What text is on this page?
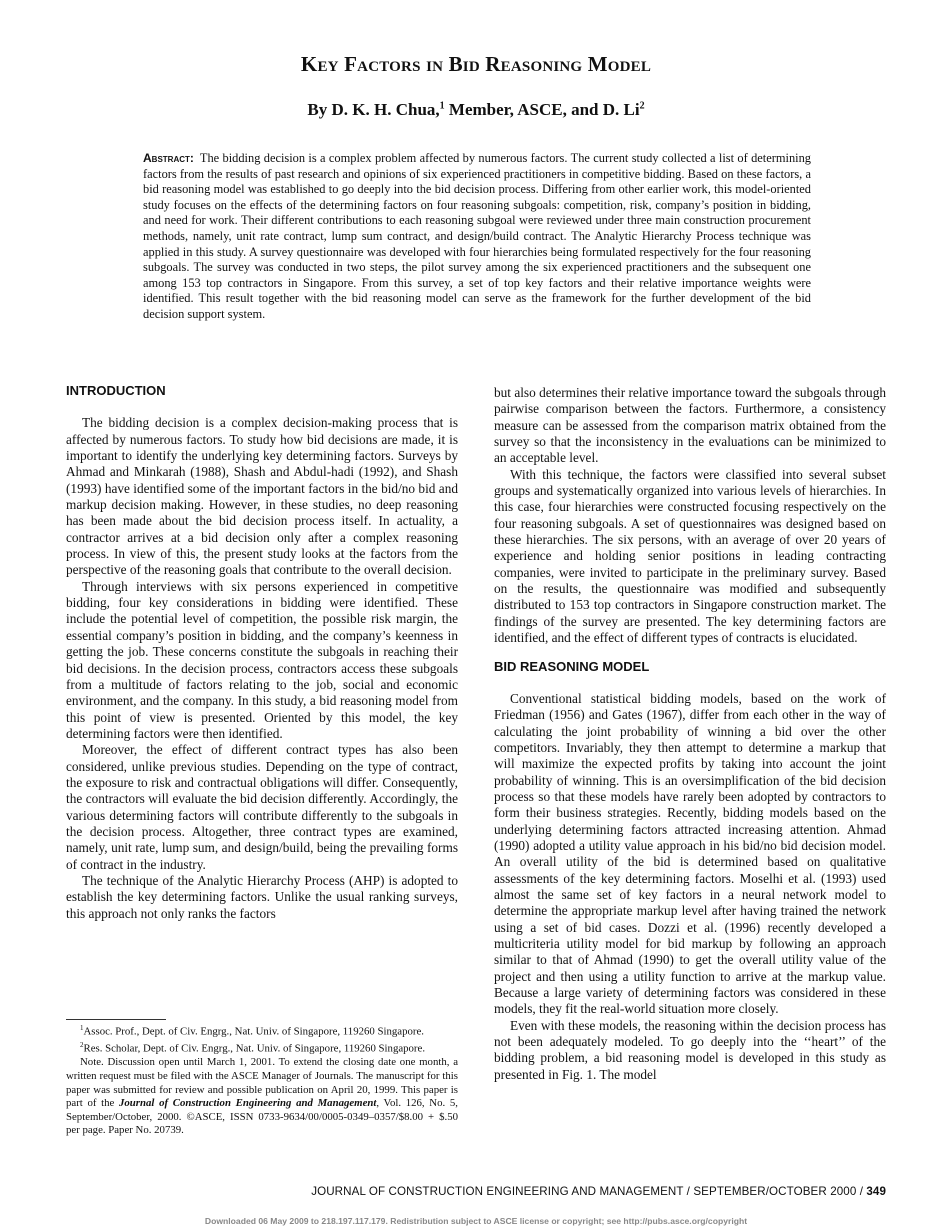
Key Factors in Bid Reasoning Model
By D. K. H. Chua,$^1$ Member, ASCE, and D. Li$^2$
Abstract: The bidding decision is a complex problem affected by numerous factors. The current study collected a list of determining factors from the results of past research and opinions of six experienced practitioners in competitive bidding. Based on these factors, a bid reasoning model was established to go deeply into the bid decision process. Differing from other earlier work, this model-oriented study focuses on the effects of the determining factors on four reasoning subgoals: competition, risk, company’s position in bidding, and need for work. Their different contributions to each reasoning subgoal were reviewed under three main construction procurement methods, namely, unit rate contract, lump sum contract, and design/build contract. The Analytic Hierarchy Process technique was applied in this study. A survey questionnaire was developed with four hierarchies being formulated respectively for the four reasoning subgoals. The survey was conducted in two steps, the pilot survey among the six experienced practitioners and the subsequent one among 153 top contractors in Singapore. From this survey, a set of top key factors and their relative importance weights were identified. This result together with the bid reasoning model can serve as the framework for the further development of the bid decision support system.
INTRODUCTION

The bidding decision is a complex decision-making process that is affected by numerous factors. To study how bid decisions are made, it is important to identify the underlying key determining factors. Surveys by Ahmad and Minkarah (1988), Shash and Abdul-hadi (1992), and Shash (1993) have identified some of the important factors in the bid/no bid and markup decision making. However, in these studies, no deep reasoning has been made about the bid decision process itself. In actuality, a contractor arrives at a bid decision only after a complex reasoning process. In view of this, the present study looks at the factors from the perspective of the reasoning goals that contribute to the overall decision.

Through interviews with six persons experienced in competitive bidding, four key considerations in bidding were identified. These include the potential level of competition, the possible risk margin, the essential company’s position in bidding, and the company’s keenness in getting the job. These concerns constitute the subgoals in reaching their bid decisions. In the decision process, contractors access these subgoals from a multitude of factors relating to the job, social and economic environment, and the company. In this study, a bid reasoning model from this point of view is presented. Oriented by this model, the key determining factors were then identified.

Moreover, the effect of different contract types has also been considered, unlike previous studies. Depending on the type of contract, the exposure to risk and contractual obligations will differ. Consequently, the contractors will evaluate the bid decision differently. Accordingly, the various determining factors will contribute differently to the subgoals in the decision process. Altogether, three contract types are examined, namely, unit rate, lump sum, and design/build, being the prevailing forms of contract in the industry.

The technique of the Analytic Hierarchy Process (AHP) is adopted to establish the key determining factors. Unlike the usual ranking surveys, this approach not only ranks the factors

$^1$Assoc. Prof., Dept. of Civ. Engrg., Nat. Univ. of Singapore, 119260 Singapore.

$^2$Res. Scholar, Dept. of Civ. Engrg., Nat. Univ. of Singapore, 119260 Singapore.

Note. Discussion open until March 1, 2001. To extend the closing date one month, a written request must be filed with the ASCE Manager of Journals. The manuscript for this paper was submitted for review and possible publication on April 20, 1999. This paper is part of the Journal of Construction Engineering and Management, Vol. 126, No. 5, September/October, 2000. ©ASCE, ISSN 0733-9634/00/0005-0349–0357/$8.00 + $.50 per page. Paper No. 20739.

but also determines their relative importance toward the subgoals through pairwise comparison between the factors. Furthermore, a consistency measure can be assessed from the comparison matrix obtained from the survey so that the inconsistency in the evaluations can be minimized to an acceptable level.

With this technique, the factors were classified into several subset groups and systematically organized into various levels of hierarchies. In this case, four hierarchies were constructed focusing respectively on the four reasoning subgoals. A set of questionnaires was designed based on these hierarchies. The six persons, with an average of over 20 years of experience and holding senior positions in leading contracting companies, were invited to participate in the preliminary survey. Based on the results, the questionnaire was modified and subsequently distributed to 153 top contractors in Singapore construction market. The findings of the survey are presented. The key determining factors are identified, and the effect of different types of contracts is elucidated.

BID REASONING MODEL

Conventional statistical bidding models, based on the work of Friedman (1956) and Gates (1967), differ from each other in the way of calculating the joint probability of winning a bid over the other competitors. Invariably, they then attempt to determine a markup that will maximize the expected profits by taking into account the joint probability of winning. This is an oversimplification of the bid decision process so that these models have rarely been adopted by contractors to form their business strategies. Recently, bidding models based on the underlying determining factors attracted increasing attention. Ahmad (1990) adopted a utility value approach in his bid/no bid decision model. An overall utility of the bid is determined based on qualitative assessments of the key determining factors. Moselhi et al. (1993) used almost the same set of key factors in a neural network model to determine the appropriate markup level after having trained the network using a set of bid cases. Dozzi et al. (1996) recently developed a multicriteria utility model for bid markup by following an approach similar to that of Ahmad (1990) to get the overall utility value of the project and then using a utility function to arrive at the markup value. Because a large variety of determining factors was considered in these models, they fit the real-world situation more closely.

Even with these models, the reasoning within the decision process has not been adequately modeled. To go deeply into the ‘‘heart’’ of the bidding problem, a bid reasoning model is developed in this study as presented in Fig. 1. The model

JOURNAL OF CONSTRUCTION ENGINEERING AND MANAGEMENT / SEPTEMBER/OCTOBER 2000 / 349
Downloaded 06 May 2009 to 218.197.117.179. Redistribution subject to ASCE license or copyright; see http://pubs.asce.org/copyright
